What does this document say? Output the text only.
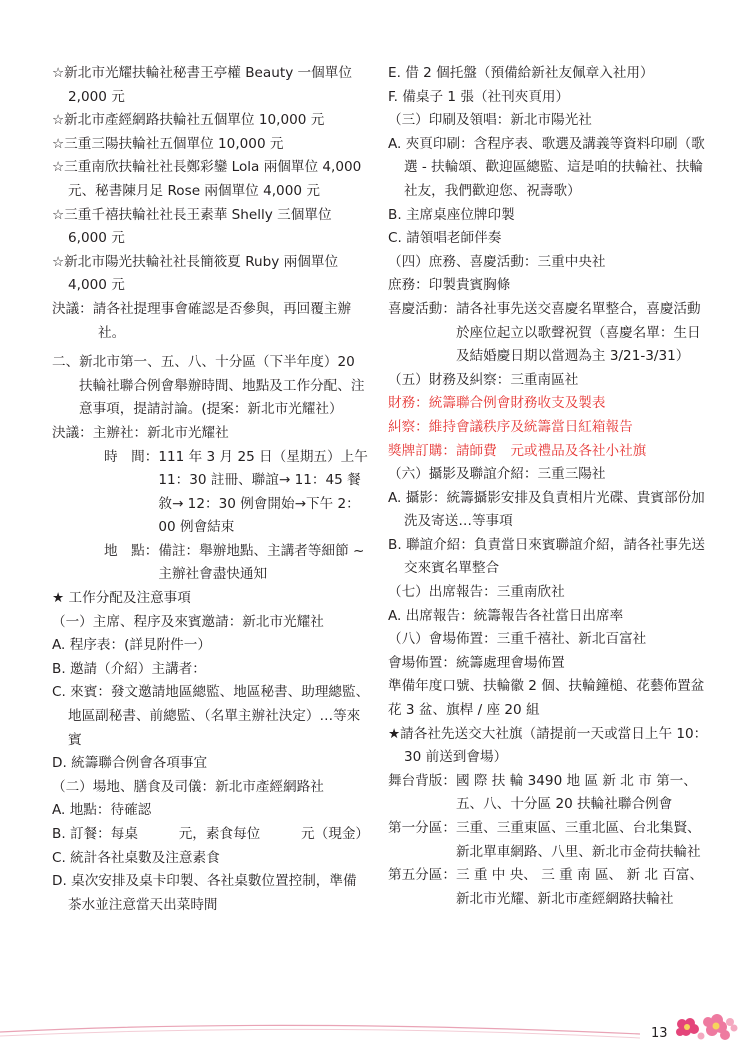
☆新北市光耀扶輪社秘書王亭權 Beauty 一個單位 2,000 元

☆新北市產經網路扶輪社五個單位 10,000 元

☆三重三陽扶輪社五個單位 10,000 元

☆三重南欣扶輪社社長鄭彩鑾 Lola 兩個單位 4,000 元、秘書陳月足 Rose 兩個單位 4,000 元

☆三重千禧扶輪社社長王素華 Shelly 三個單位 6,000 元

☆新北市陽光扶輪社社長簡筱夏 Ruby 兩個單位 4,000 元

決議：請各社提理事會確認是否參與，再回覆主辦社。

二、新北市第一、五、八、十分區（下半年度）20 扶輪社聯合例會舉辦時間、地點及工作分配、注意事項，提請討論。(提案：新北市光耀社）

決議：主辦社：新北市光耀社

時　間： 111 年 3 月 25 日（星期五）上午 11：30 註冊、聯誼→ 11：45 餐敘→ 12：30 例會開始→下午 2：00 例會結束
地　點： 備註：舉辦地點、主講者等細節 ~ 主辦社會盡快通知

★ 工作分配及注意事項

（一）主席、程序及來賓邀請：新北市光耀社

A. 程序表：(詳見附件一）

B. 邀請（介紹）主講者：

C. 來賓：發文邀請地區總監、地區秘書、助理總監、地區副秘書、前總監、（名單主辦社決定）…等來賓

D. 統籌聯合例會各項事宜

（二）場地、膳食及司儀：新北市產經網路社

A. 地點：待確認

B. 訂餐：每桌　　　元，素食每位　　　元（現金）

C. 統計各社桌數及注意素食

D. 桌次安排及桌卡印製、各社桌數位置控制，準備茶水並注意當天出菜時間

E. 借 2 個托盤（預備給新社友佩章入社用）

F. 備桌子 1 張（社刊夾頁用）

（三）印刷及領唱：新北市陽光社

A. 夾頁印刷：含程序表、歌選及講義等資料印刷（歌選 - 扶輪頌、歡迎區總監、這是咱的扶輪社、扶輪社友，我們歡迎您、祝壽歌）

B. 主席桌座位牌印製

C. 請領唱老師伴奏

（四）庶務、喜慶活動：三重中央社

庶務：印製貴賓胸條

喜慶活動： 請各社事先送交喜慶名單整合，喜慶活動於座位起立以歌聲祝賀（喜慶名單：生日及結婚慶日期以當週為主 3/21-3/31）

（五）財務及糾察：三重南區社

財務：統籌聯合例會財務收支及製表

糾察：維持會議秩序及統籌當日紅箱報告

獎牌訂購：請師費　元或禮品及各社小社旗

（六）攝影及聯誼介紹：三重三陽社

A. 攝影：統籌攝影安排及負責相片光碟、貴賓部份加洗及寄送…等事項

B. 聯誼介紹：負責當日來賓聯誼介紹，請各社事先送交來賓名單整合

（七）出席報告：三重南欣社

A. 出席報告：統籌報告各社當日出席率

（八）會場佈置：三重千禧社、新北百富社

會場佈置：統籌處理會場佈置

準備年度口號、扶輪徽 2 個、扶輪鐘槌、花藝佈置盆花 3 盆、旗桿 / 座 20 組

★請各社先送交大社旗（請提前一天或當日上午 10：30 前送到會場）

舞台背版： 國 際 扶 輪 3490 地 區 新 北 市 第一、五、八、十分區 20 扶輪社聯合例會
第一分區： 三重、三重東區、三重北區、台北集賢、新北單車網路、八里、新北市金荷扶輪社
第五分區： 三 重 中 央、 三 重 南 區、 新 北 百富、新北市光耀、新北市產經網路扶輪社
13
